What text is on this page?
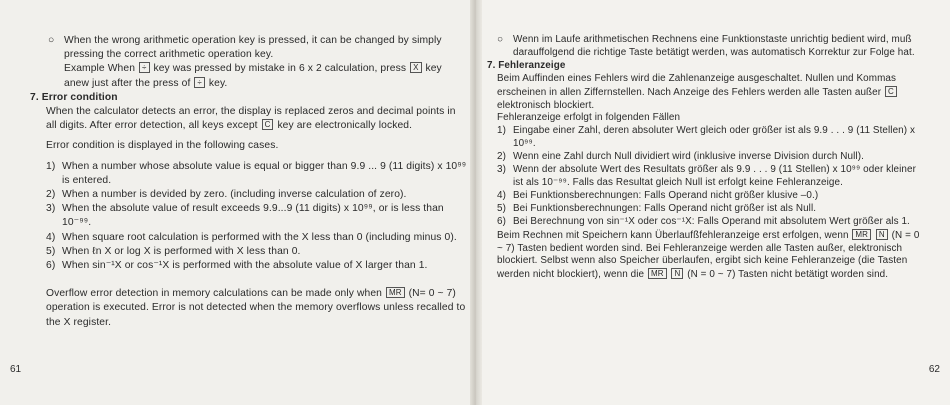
○ When the wrong arithmetic operation key is pressed, it can be changed by simply pressing the correct arithmetic operation key.
Example When ÷ key was pressed by mistake in 6 x 2 calculation, press X key anew just after the press of ÷ key.

7. Error condition

When the calculator detects an error, the display is replaced zeros and decimal points in all digits. After error detection, all keys except C key are electronically locked.

Error condition is displayed in the following cases.

1) When a number whose absolute value is equal or bigger than 9.9 ... 9 (11 digits) x 10⁹⁹ is entered.
2) When a number is devided by zero. (including inverse calculation of zero).
3) When the absolute value of result exceeds 9.9...9 (11 digits) x 10⁹⁹, or is less than 10⁻⁹⁹.
4) When square root calculation is performed with the X less than 0 (including minus 0).
5) When ℓn X or log X is performed with X less than 0.
6) When sin⁻¹X or cos⁻¹X is performed with the absolute value of X larger than 1.

Overflow error detection in memory calculations can be made only when MR (N= 0 ~ 7) operation is executed. Error is not detected when the memory overflows unless recalled to the X register.

61
○	Wenn im Laufe arithmetischen Rechnens eine Funktionstaste unrichtig bedient wird, muß darauffolgend die richtige Taste betätigt werden, was automatisch Korrektur zur Folge hat.

7. Fehleranzeige

Beim Auffinden eines Fehlers wird die Zahlenanzeige ausgeschaltet. Nullen und Kommas erscheinen in allen Ziffernstellen. Nach Anzeige des Fehlers werden alle Tasten außer C elektronisch blockiert.

Fehleranzeige erfolgt in folgenden Fällen

1) Eingabe einer Zahl, deren absoluter Wert gleich oder größer ist als 9.9 . . . 9 (11 Stellen) x 10⁹⁹.
2) Wenn eine Zahl durch Null dividiert wird (inklusive inverse Division durch Null).
3) Wenn der absolute Wert des Resultats größer als 9.9 . . . 9 (11 Stellen) x 10⁹⁹ oder kleiner ist als 10⁻⁹⁹. Falls das Resultat gleich Null ist erfolgt keine Fehleranzeige.
4) Bei Funktionsberechnungen: Falls Operand nicht größer klusive –0.)
5) Bei Funktionsberechnungen: Falls Operand nicht größer ist als Null.
6) Bei Berechnung von sin⁻¹X oder cos⁻¹X: Falls Operand mit absolutem Wert größer als 1.

Beim Rechnen mit Speichern kann Überlaufßfehleranzeige erst erfolgen, wenn MR N (N = 0 ~ 7) Tasten bedient worden sind. Bei Fehleranzeige werden alle Tasten außer, elektronisch blockiert. Selbst wenn also Speicher überlaufen, ergibt sich keine Fehleranzeige (die Tasten werden nicht blockiert), wenn die MR N (N = 0 ~ 7) Tasten nicht betätigt worden sind.

62
